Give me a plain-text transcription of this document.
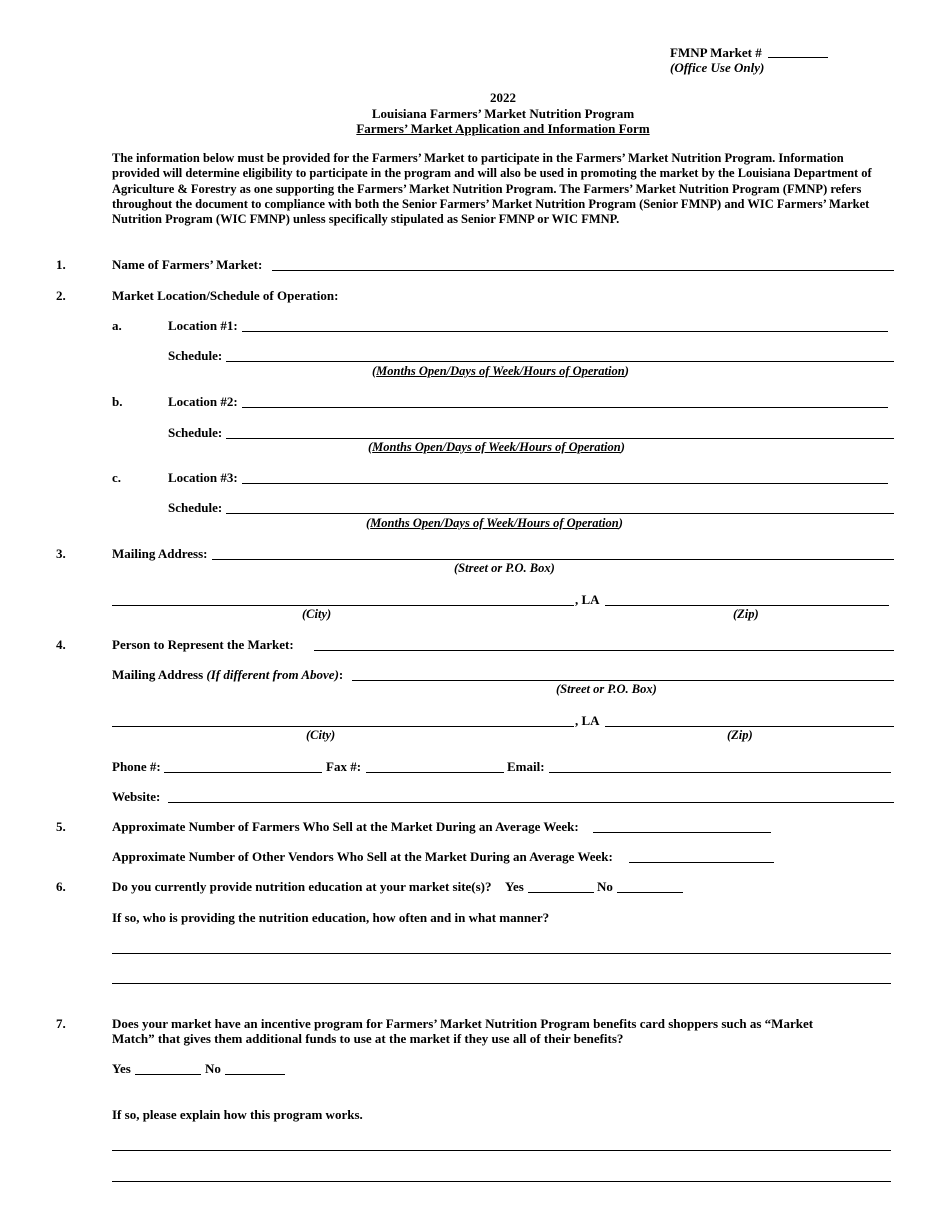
FMNP Market #
(Office Use Only)
2022
Louisiana Farmers’ Market Nutrition Program
Farmers’ Market Application and Information Form
The information below must be provided for the Farmers’ Market to participate in the Farmers’ Market Nutrition Program. Information provided will determine eligibility to participate in the program and will also be used in promoting the market by the Louisiana Department of Agriculture & Forestry as one supporting the Farmers’ Market Nutrition Program. The Farmers’ Market Nutrition Program (FMNP) refers throughout the document to compliance with both the Senior Farmers’ Market Nutrition Program (Senior FMNP) and WIC Farmers’ Market Nutrition Program (WIC FMNP) unless specifically stipulated as Senior FMNP or WIC FMNP.
1.	Name of Farmers’ Market:
2.	Market Location/Schedule of Operation:
a.	Location #1:
Schedule:
(Months Open/Days of Week/Hours of Operation)
b.	Location #2:
Schedule:
(Months Open/Days of Week/Hours of Operation)
c.	Location #3:
Schedule:
(Months Open/Days of Week/Hours of Operation)
3.	Mailing Address:
(Street or P.O. Box)
, LA
(City)	(Zip)
4.	Person to Represent the Market:
Mailing Address (If different from Above):
(Street or P.O. Box)
, LA
(City)	(Zip)
Phone #:	Fax #:	Email:
Website:
5.	Approximate Number of Farmers Who Sell at the Market During an Average Week:
Approximate Number of Other Vendors Who Sell at the Market During an Average Week:
6.	Do you currently provide nutrition education at your market site(s)? Yes	No
If so, who is providing the nutrition education, how often and in what manner?
7.	Does your market have an incentive program for Farmers’ Market Nutrition Program benefits card shoppers such as “Market Match” that gives them additional funds to use at the market if they use all of their benefits?
Yes	No
If so, please explain how this program works.
